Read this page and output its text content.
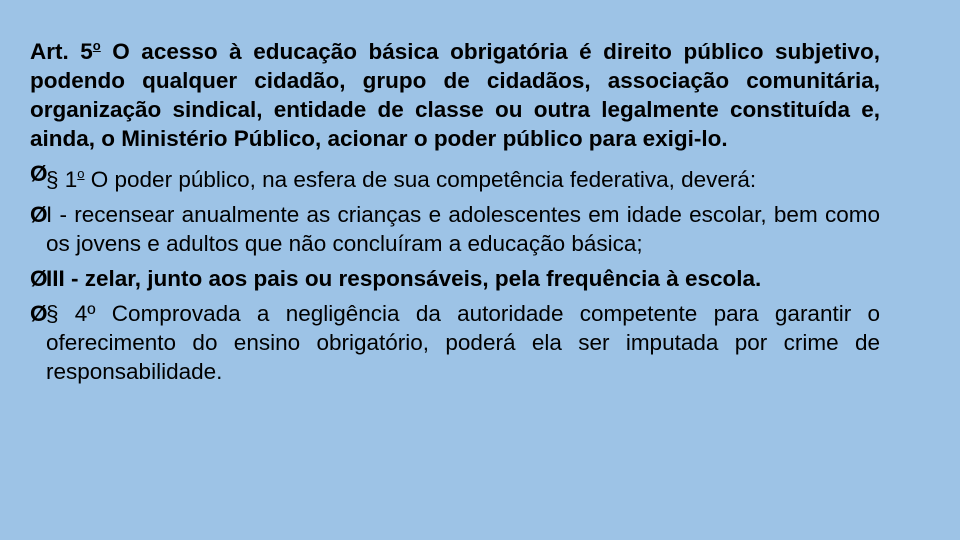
Art. 5$^o$ O acesso à educação básica obrigatória é direito público subjetivo, podendo qualquer cidadão, grupo de cidadãos, associação comunitária, organização sindical, entidade de classe ou outra legalmente constituída e, ainda, o Ministério Público, acionar o poder público para exigi-lo.

Ø
§ 1$^o$ O poder público, na esfera de sua competência federativa, deverá:

Ø
I - recensear anualmente as crianças e adolescentes em idade escolar, bem como os jovens e adultos que não concluíram a educação básica;

Ø
III - zelar, junto aos pais ou responsáveis, pela frequência à escola.

Ø
§ 4º Comprovada a negligência da autoridade competente para garantir o oferecimento do ensino obrigatório, poderá ela ser imputada por crime de responsabilidade.
